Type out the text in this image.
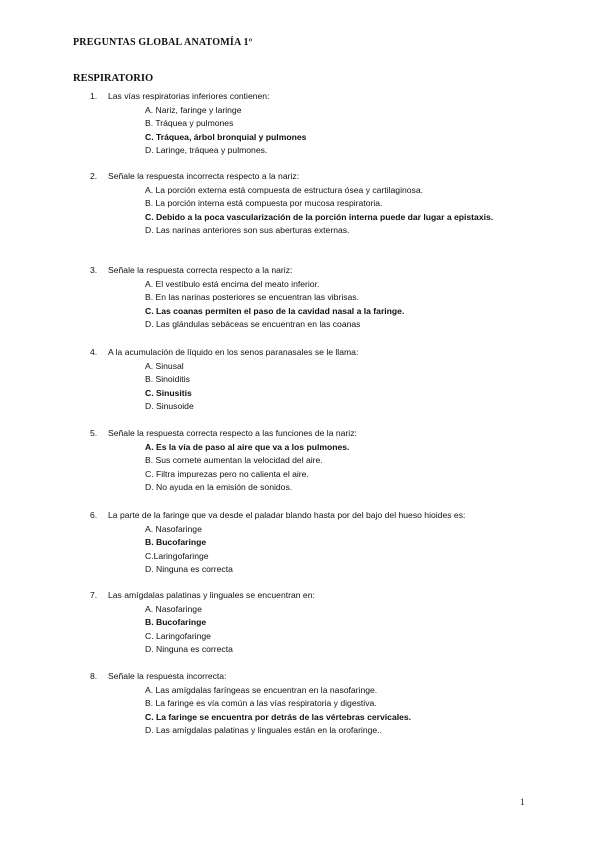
PREGUNTAS GLOBAL ANATOMÍA 1º
RESPIRATORIO
1.	Las vías respiratorias inferiores contienen:
A. Nariz, faringe y laringe
B. Tráquea y pulmones
C. Tráquea, árbol bronquial y pulmones
D. Laringe, tráquea y pulmones.
2.	Señale la respuesta incorrecta respecto a la nariz:
A. La porción externa está compuesta de estructura ósea y cartilaginosa.
B. La porción interna está compuesta por mucosa respiratoria.
C. Debido a la poca vascularización de la porción interna puede dar lugar a epistaxis.
D. Las narinas anteriores son sus aberturas externas.
3.	Señale la respuesta correcta respecto a la nariz:
A. El vestíbulo está encima del meato inferior.
B. En las narinas posteriores se encuentran las vibrisas.
C. Las coanas permiten el paso de la cavidad nasal a la faringe.
D. Las glándulas sebáceas se encuentran en las coanas
4.	A la acumulación de líquido en los senos paranasales se le llama:
A. Sinusal
B. Sinoiditis
C. Sinusitis
D. Sinusoide
5.	Señale la respuesta correcta respecto a las funciones de la nariz:
A. Es la vía de paso al aire que va a los pulmones.
B. Sus cornete aumentan la velocidad del aire.
C. Filtra impurezas pero no calienta el aire.
D. No ayuda en la emisión de sonidos.
6.	La parte de la faringe que va desde el paladar blando hasta por del bajo del hueso hioides es:
A. Nasofaringe
B. Bucofaringe
C.Laringofaringe
D. Ninguna es correcta
7.	Las amígdalas palatinas y linguales se encuentran en:
A. Nasofaringe
B. Bucofaringe
C. Laringofaringe
D. Ninguna es correcta
8.	Señale la respuesta incorrecta:
A. Las amígdalas faríngeas se encuentran en la nasofaringe.
B. La faringe es vía común a las vías respiratoria y digestiva.
C. La faringe se encuentra por detrás de las vértebras cervicales.
D. Las amígdalas palatinas y linguales están en la orofaringe..
1
